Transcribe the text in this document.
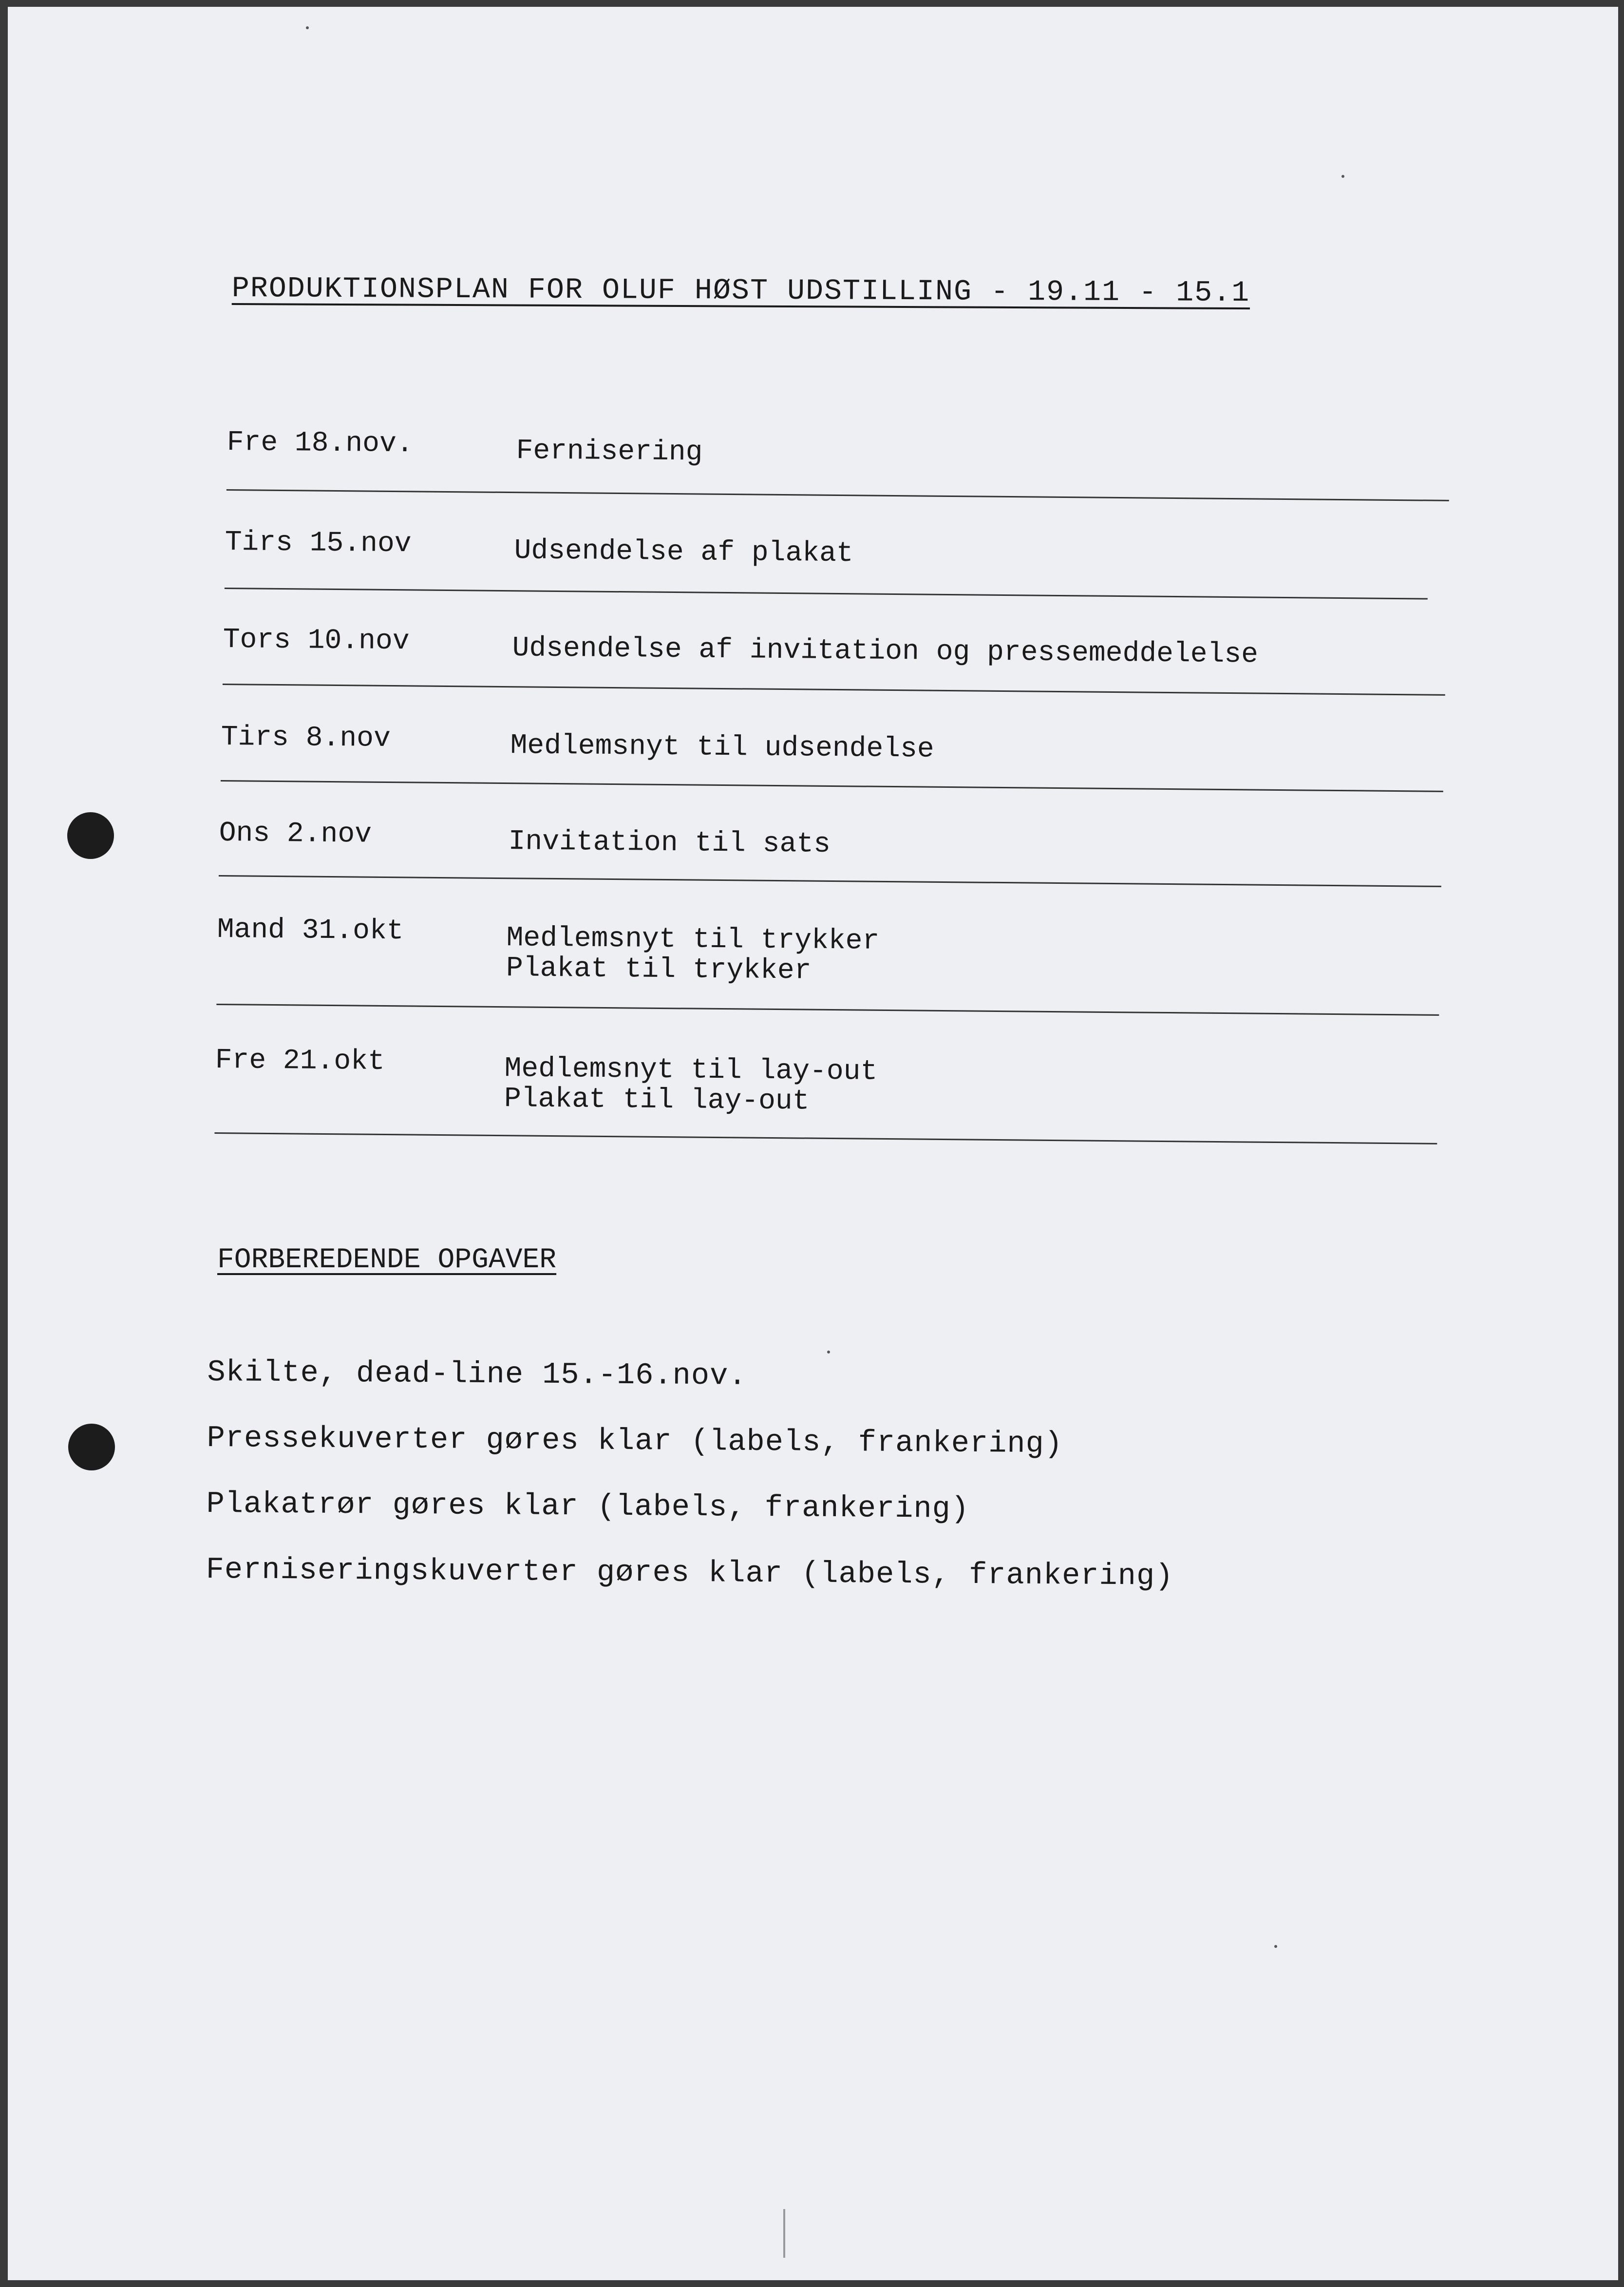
PRODUKTIONSPLAN FOR OLUF HØST UDSTILLING - 19.11 - 15.1
Fre 18.nov.	Fernisering
Tirs 15.nov	Udsendelse af plakat
Tors 10.nov	Udsendelse af invitation og pressemeddelelse
Tirs 8.nov	Medlemsnyt til udsendelse
Ons 2.nov	Invitation til sats
Mand 31.okt	Medlemsnyt til trykker
Plakat til trykker
Fre 21.okt	Medlemsnyt til lay-out
Plakat til lay-out
FORBEREDENDE OPGAVER
Skilte, dead-line 15.-16.nov.
Pressekuverter gøres klar (labels, frankering)
Plakatrør gøres klar (labels, frankering)
Ferniseringskuverter gøres klar (labels, frankering)
